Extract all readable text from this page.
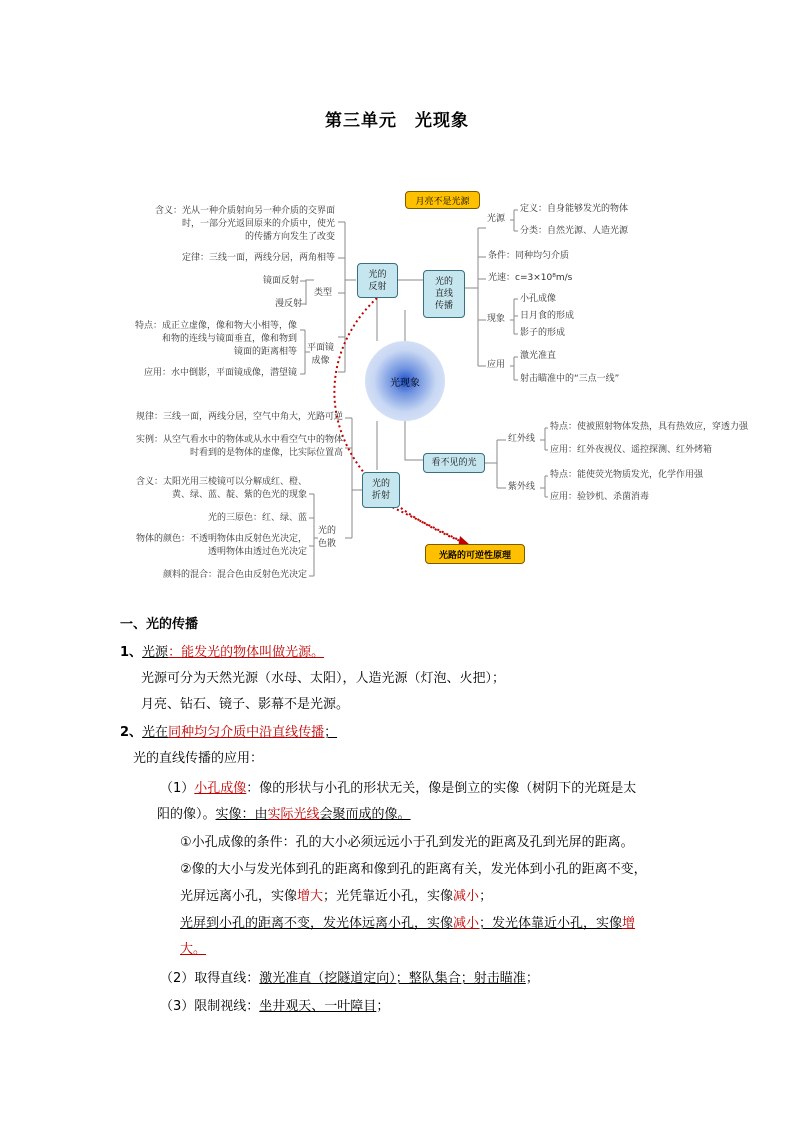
第三单元　光现象
光现象
月亮不是光源
光路的可逆性原理
光的反射
含义：光从一种介质射向另一种介质的交界面
时，一部分光返回原来的介质中，使光
的传播方向发生了改变
定律：三线一面，两线分居，两角相等
镜面反射
漫反射
类型
特点：成正立虚像，像和物大小相等，像
和物的连线与镜面垂直，像和物到
镜面的距离相等 平面镜
成像
应用：水中倒影，平面镜成像，潜望镜
光的直线传播
光源
定义：自身能够发光的物体
分类：自然光源、人造光源
条件：同种均匀介质
光速：c=3×10⁸m/s
现象
小孔成像
日月食的形成
影子的形成
应用
激光准直
射击瞄准中的“三点一线”
看不见的光
红外线
特点：使被照射物体发热，具有热效应，穿透力强
应用：红外夜视仪、遥控探测、红外烤箱
紫外线
特点：能使荧光物质发光，化学作用强
应用：验钞机、杀菌消毒
光的折射
规律：三线一面，两线分居，空气中角大，光路可逆
实例：从空气看水中的物体或从水中看空气中的物体
时看到的是物体的虚像，比实际位置高
光的
色散
含义：太阳光用三棱镜可以分解成红、橙、
黄、绿、蓝、靛、紫的色光的现象
光的三原色：红、绿、蓝
物体的颜色：不透明物体由反射色光决定，
透明物体由透过色光决定
颜料的混合：混合色由反射色光决定
一、光的传播
1、光源：能发光的物体叫做光源。
光源可分为天然光源（水母、太阳），人造光源（灯泡、火把）；
月亮、钻石、镜子、影幕不是光源。
2、光在同种均匀介质中沿直线传播；
光的直线传播的应用：
（1）小孔成像：像的形状与小孔的形状无关，像是倒立的实像（树阴下的光斑是太
阳的像）。实像：由实际光线会聚而成的像。
①小孔成像的条件：孔的大小必须远远小于孔到发光的距离及孔到光屏的距离。
②像的大小与发光体到孔的距离和像到孔的距离有关，发光体到小孔的距离不变，
光屏远离小孔，实像增大；光凭靠近小孔，实像减小；
光屏到小孔的距离不变，发光体远离小孔，实像减小；发光体靠近小孔，实像增
大。
（2）取得直线：激光准直（挖隧道定向）；整队集合；射击瞄准；
（3）限制视线：坐井观天、一叶障目；
